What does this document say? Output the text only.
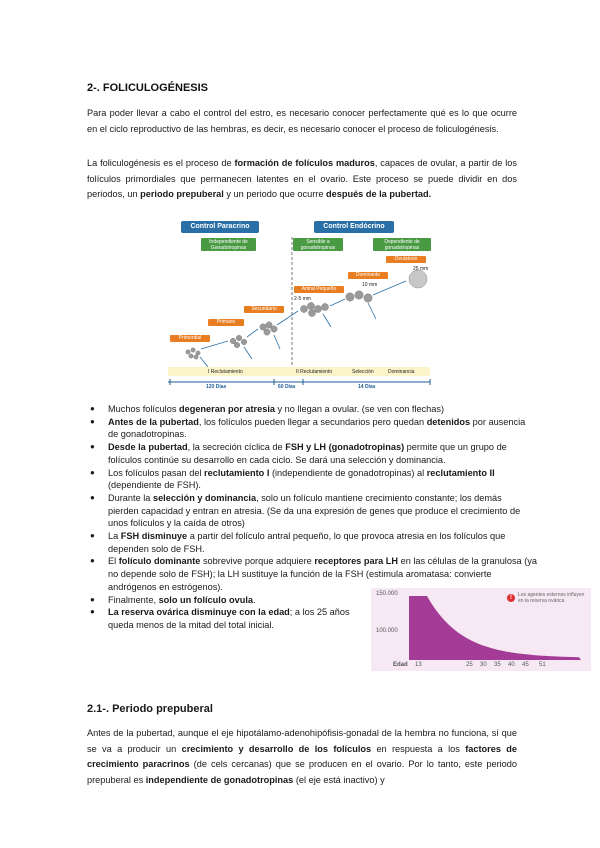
2-. FOLICULOGÉNESIS

Para poder llevar a cabo el control del estro, es necesario conocer perfectamente qué es lo que ocurre en el ciclo reproductivo de las hembras, es decir, es necesario conocer el proceso de foliculogénesis.

La foliculogénesis es el proceso de formación de folículos maduros, capaces de ovular, a partir de los folículos primordiales que permanecen latentes en el ovario. Este proceso se puede dividir en dos periodos, un periodo prepuberal y un periodo que ocurre después de la pubertad.

Control Paracrino	Control Endócrino
Independiente de Gonadotropinas
Sensible a gonadotropinas
Dependiente de gonadotropinas
Primordial
Primario
Secundario
Antral Pequeño
Dominante
Ovulatorio
2-5 mm
10 mm
25 mm
I Reclutamiento	II Reclutamiento	Selección	Dominancia
120 Días	60 Días	14 Días
● Muchos folículos degeneran por atresia y no llegan a ovular. (se ven con flechas)
● Antes de la pubertad, los folículos pueden llegar a secundarios pero quedan detenidos por ausencia de gonadotropinas.
● Desde la pubertad, la secreción cíclica de FSH y LH (gonadotropinas) permite que un grupo de folículos continúe su desarrollo en cada ciclo. Se dará una selección y dominancia.
● Los folículos pasan del reclutamiento I (independiente de gonadotropinas) al reclutamiento II (dependiente de FSH).
● Durante la selección y dominancia, solo un folículo mantiene crecimiento constante; los demás pierden capacidad y entran en atresia. (Se da una expresión de genes que produce el crecimiento de unos folículos y la caída de otros)
● La FSH disminuye a partir del folículo antral pequeño, lo que provoca atresia en los folículos que dependen solo de FSH.
● El folículo dominante sobrevive porque adquiere receptores para LH en las células de la granulosa (ya no depende solo de FSH); la LH sustituye la función de la FSH (estimula aromatasa: convierte andrógenos en estrógenos).
● Finalmente, solo un folículo ovula.
● La reserva ovárica disminuye con la edad; a los 25 años queda menos de la mitad del total inicial.
150.000
100.000
Edad 13	25 30 35 40 45 51
!	Los agentes externos influyen en la reserva ovárica
2.1-. Periodo prepuberal

Antes de la pubertad, aunque el eje hipotálamo-adenohipófisis-gonadal de la hembra no funciona, sí que se va a producir un crecimiento y desarrollo de los folículos en respuesta a los factores de crecimiento paracrinos (de cels cercanas) que se producen en el ovario. Por lo tanto, este periodo prepuberal es independiente de gonadotropinas (el eje está inactivo) y
